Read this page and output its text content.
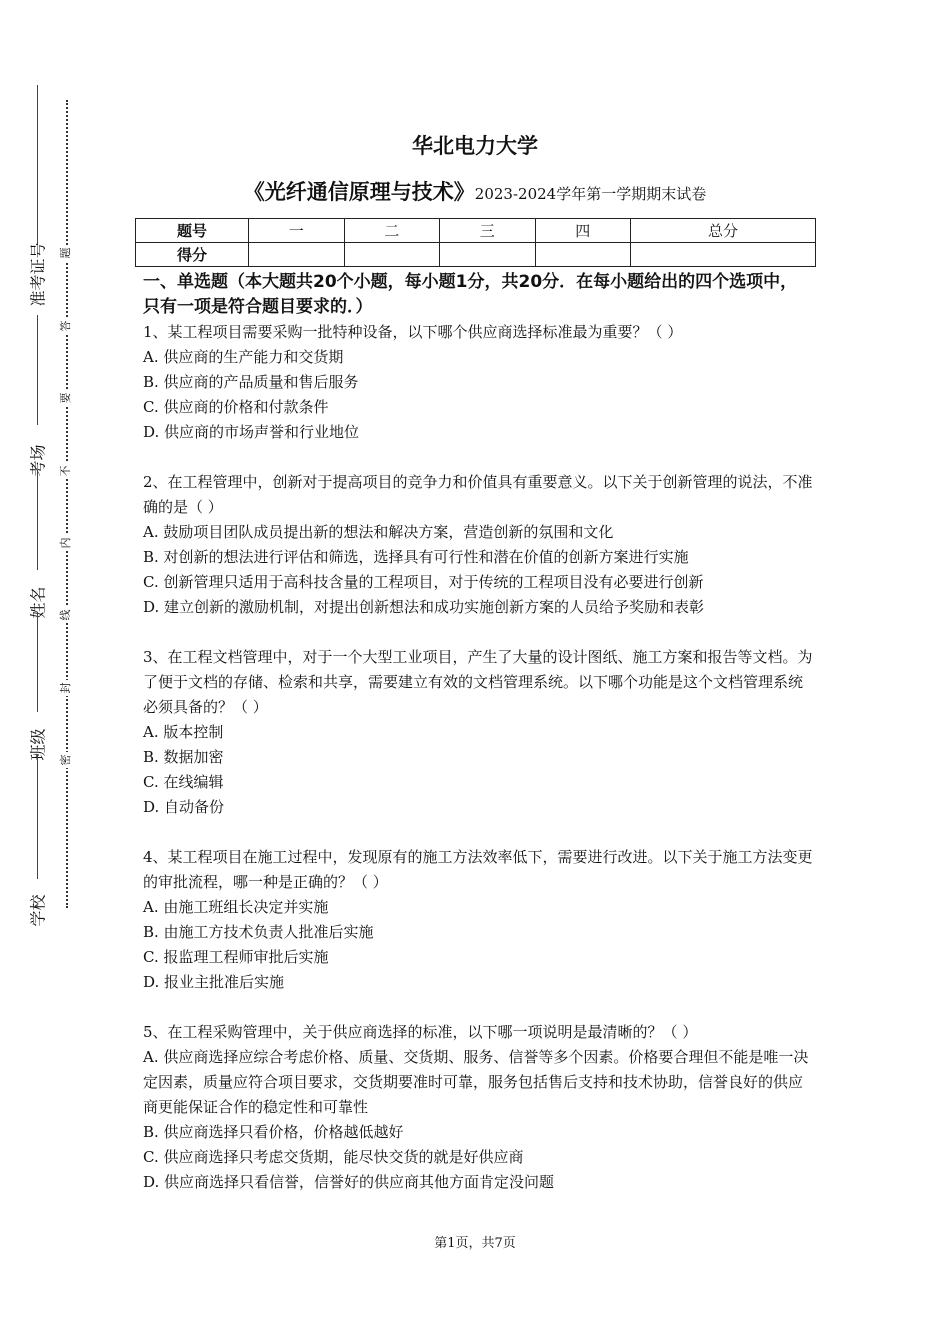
准考证号
考场
姓名
班级
学校
题
答
要
不
内
线
封
密
华北电力大学
《光纤通信原理与技术》2023-2024学年第一学期期末试卷
题号	一	二	三	四	总分
得分					
一、单选题（本大题共20个小题，每小题1分，共20分．在每小题给出的四个选项中，只有一项是符合题目要求的．）

1、某工程项目需要采购一批特种设备，以下哪个供应商选择标准最为重要？（ ）

A. 供应商的生产能力和交货期

B. 供应商的产品质量和售后服务

C. 供应商的价格和付款条件

D. 供应商的市场声誉和行业地位

2、在工程管理中，创新对于提高项目的竞争力和价值具有重要意义。以下关于创新管理的说法，不准确的是（ ）

A. 鼓励项目团队成员提出新的想法和解决方案，营造创新的氛围和文化

B. 对创新的想法进行评估和筛选，选择具有可行性和潜在价值的创新方案进行实施

C. 创新管理只适用于高科技含量的工程项目，对于传统的工程项目没有必要进行创新

D. 建立创新的激励机制，对提出创新想法和成功实施创新方案的人员给予奖励和表彰

3、在工程文档管理中，对于一个大型工业项目，产生了大量的设计图纸、施工方案和报告等文档。为了便于文档的存储、检索和共享，需要建立有效的文档管理系统。以下哪个功能是这个文档管理系统必须具备的？（ ）

A. 版本控制

B. 数据加密

C. 在线编辑

D. 自动备份

4、某工程项目在施工过程中，发现原有的施工方法效率低下，需要进行改进。以下关于施工方法变更的审批流程，哪一种是正确的？（ ）

A. 由施工班组长决定并实施

B. 由施工方技术负责人批准后实施

C. 报监理工程师审批后实施

D. 报业主批准后实施

5、在工程采购管理中，关于供应商选择的标准，以下哪一项说明是最清晰的？（ ）

A. 供应商选择应综合考虑价格、质量、交货期、服务、信誉等多个因素。价格要合理但不能是唯一决定因素，质量应符合项目要求，交货期要准时可靠，服务包括售后支持和技术协助，信誉良好的供应商更能保证合作的稳定性和可靠性

B. 供应商选择只看价格，价格越低越好

C. 供应商选择只考虑交货期，能尽快交货的就是好供应商

D. 供应商选择只看信誉，信誉好的供应商其他方面肯定没问题

第1页，共7页
